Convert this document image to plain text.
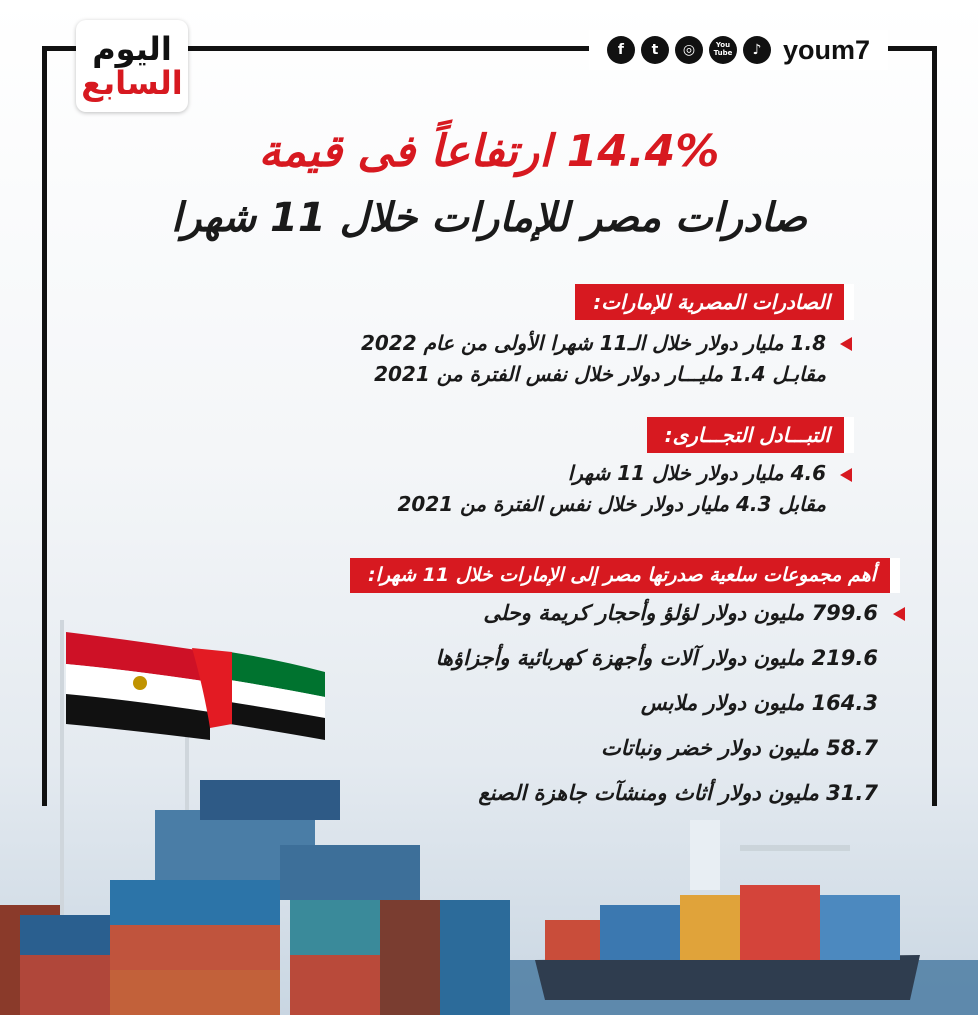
اليوم
السابع
f	t	◎	You Tube	♪ youm7
14.4% ارتفاعاً فى قيمة
صادرات مصر للإمارات خلال 11 شهرا
الصادرات المصرية للإمارات:
1.8 مليار دولار خلال الـ11 شهرا الأولى من عام 2022
مقابـل 1.4 مليـــار دولار خلال نفس الفترة من 2021
التبـــادل التجـــارى:
4.6 مليار دولار خلال 11 شهرا
مقابل 4.3 مليار دولار خلال نفس الفترة من 2021
أهم مجموعات سلعية صدرتها مصر إلى الإمارات خلال 11 شهرا:
799.6 مليون دولار لؤلؤ وأحجار كريمة وحلى
219.6 مليون دولار آلات وأجهزة كهربائية وأجزاؤها
164.3 مليون دولار ملابس
58.7 مليون دولار خضر ونباتات
31.7 مليون دولار أثاث ومنشآت جاهزة الصنع
